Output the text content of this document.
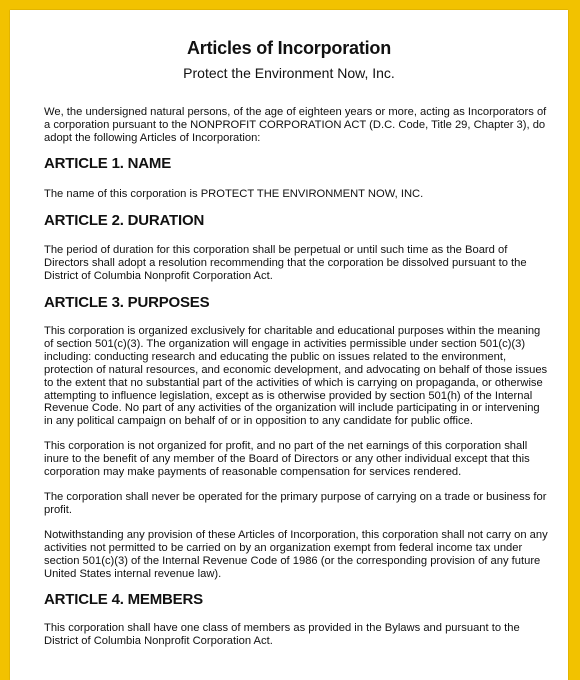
Articles of Incorporation
Protect the Environment Now, Inc.

We, the undersigned natural persons, of the age of eighteen years or more, acting as Incorporators of a corporation pursuant to the NONPROFIT CORPORATION ACT (D.C. Code, Title 29, Chapter 3), do adopt the following Articles of Incorporation:

ARTICLE 1. NAME

The name of this corporation is PROTECT THE ENVIRONMENT NOW, INC.

ARTICLE 2. DURATION

The period of duration for this corporation shall be perpetual or until such time as the Board of Directors shall adopt a resolution recommending that the corporation be dissolved pursuant to the District of Columbia Nonprofit Corporation Act.

ARTICLE 3. PURPOSES

This corporation is organized exclusively for charitable and educational purposes within the meaning of section 501(c)(3). The organization will engage in activities permissible under section 501(c)(3) including: conducting research and educating the public on issues related to the environment, protection of natural resources, and economic development, and advocating on behalf of those issues to the extent that no substantial part of the activities of which is carrying on propaganda, or otherwise attempting to influence legislation, except as is otherwise provided by section 501(h) of the Internal Revenue Code. No part of any activities of the organization will include participating in or intervening in any political campaign on behalf of or in opposition to any candidate for public office.

This corporation is not organized for profit, and no part of the net earnings of this corporation shall inure to the benefit of any member of the Board of Directors or any other individual except that this corporation may make payments of reasonable compensation for services rendered.

The corporation shall never be operated for the primary purpose of carrying on a trade or business for profit.

Notwithstanding any provision of these Articles of Incorporation, this corporation shall not carry on any activities not permitted to be carried on by an organization exempt from federal income tax under section 501(c)(3) of the Internal Revenue Code of 1986 (or the corresponding provision of any future United States internal revenue law).

ARTICLE 4. MEMBERS

This corporation shall have one class of members as provided in the Bylaws and pursuant to the District of Columbia Nonprofit Corporation Act.
